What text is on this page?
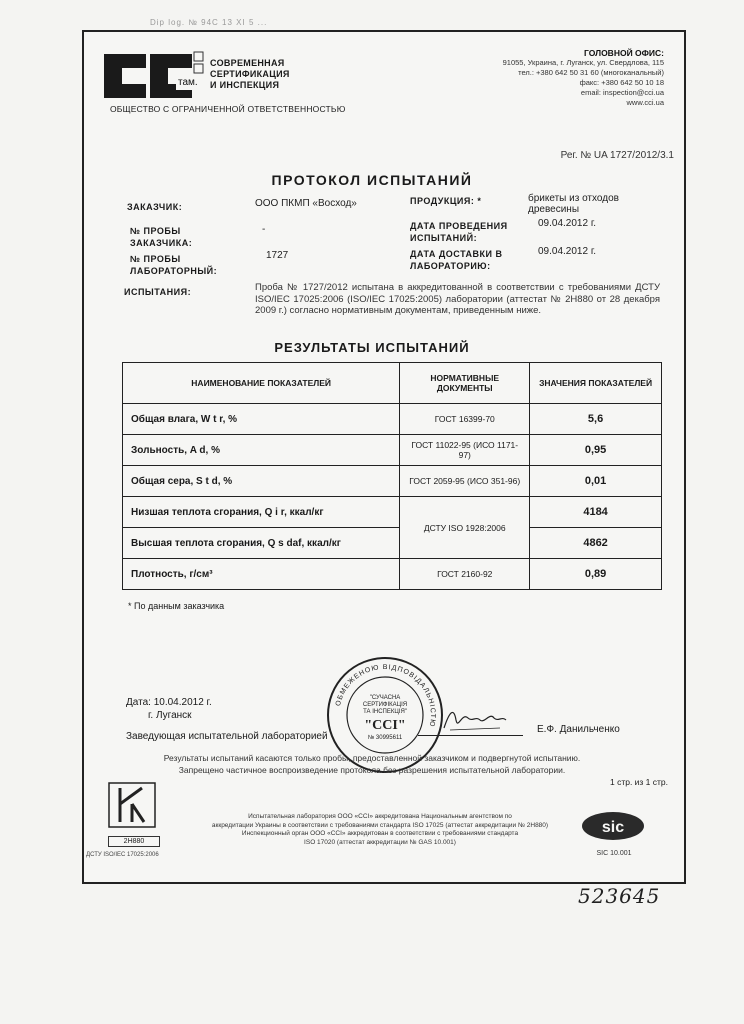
Dip log. № 94C 13 XI 5 ...
там.
СОВРЕМЕННАЯ
СЕРТИФИКАЦИЯ
И ИНСПЕКЦИЯ
ОБЩЕСТВО С ОГРАНИЧЕННОЙ ОТВЕТСТВЕННОСТЬЮ
ГОЛОВНОЙ ОФИС:
91055, Украина, г. Луганск, ул. Свердлова, 115
тел.: +380 642 50 31 60 (многоканальный)
факс: +380 642 50 10 18
email: inspection@cci.ua
www.cci.ua
Рег. № UA 1727/2012/3.1
ПРОТОКОЛ ИСПЫТАНИЙ
ЗАКАЗЧИК:	ООО ПКМП «Восход»	ПРОДУКЦИЯ: *	брикеты из отходов древесины
№ ПРОБЫ ЗАКАЗЧИКА:
-	ДАТА ПРОВЕДЕНИЯ ИСПЫТАНИЙ:
09.04.2012 г.
№ ПРОБЫ ЛАБОРАТОРНЫЙ:
1727	ДАТА ДОСТАВКИ В ЛАБОРАТОРИЮ:
09.04.2012 г.
ИСПЫТАНИЯ:	Проба № 1727/2012 испытана в аккредитованной в соответствии с требованиями ДСТУ ISO/IEC 17025:2006 (ISO/IEC 17025:2005) лаборатории (аттестат № 2Н880 от 28 декабря 2009 г.) согласно нормативным документам, приведенным ниже.
РЕЗУЛЬТАТЫ ИСПЫТАНИЙ
НАИМЕНОВАНИЕ ПОКАЗАТЕЛЕЙ	НОРМАТИВНЫЕ ДОКУМЕНТЫ	ЗНАЧЕНИЯ ПОКАЗАТЕЛЕЙ
Общая влага, W t r, %	ГОСТ 16399-70	5,6
Зольность, A d, %	ГОСТ 11022-95 (ИСО 1171-97)	0,95
Общая сера, S t d, %	ГОСТ 2059-95 (ИСО 351-96)	0,01
Низшая теплота сгорания, Q i r, ккал/кг	ДСТУ ISO 1928:2006	4184
Высшая теплота сгорания, Q s daf, ккал/кг		4862
Плотность, г/см³	ГОСТ 2160-92	0,89
* По данным заказчика
Дата: 10.04.2012 г.
г. Луганск
Заведующая испытательной лабораторией
Е.Ф. Данильченко
ОБМЕЖЕНОЮ ВІДПОВІДАЛЬНІСТЮ
"СУЧАСНА
СЕРТИФІКАЦІЯ
ТА ІНСПЕКЦІЯ"
"CCI"
№ 30995611
Результаты испытаний касаются только пробы, предоставленной заказчиком и подвергнутой испытанию.
Запрещено частичное воспроизведение протокола без разрешения испытательной лаборатории.
1 стр. из 1 стр.
2Н880
ДСТУ ISO/IEC 17025:2006
Испытательная лаборатория ООО «ССІ» аккредитована Национальным агентством по
аккредитации Украины в соответствии с требованиями стандарта ISO 17025 (аттестат аккредитации № 2Н880)
Инспекционный орган ООО «ССІ» аккредитован в соответствии с требованиями стандарта
ISO 17020 (аттестат аккредитации № GAS 10.001)
sic
SIC 10.001
523645
